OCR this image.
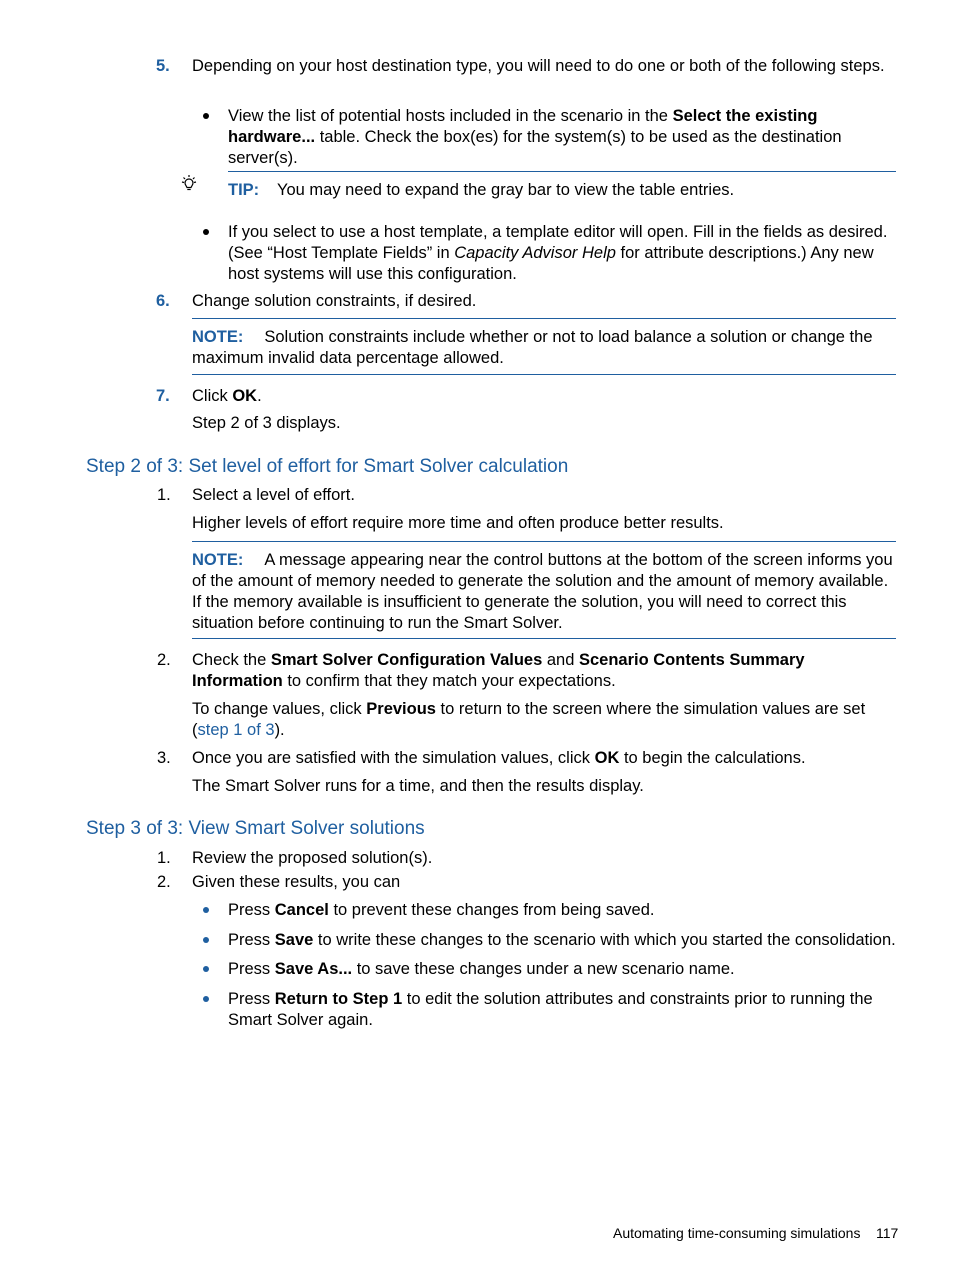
5. Depending on your host destination type, you will need to do one or both of the following steps.
View the list of potential hosts included in the scenario in the Select the existing hardware... table. Check the box(es) for the system(s) to be used as the destination server(s).
TIP: You may need to expand the gray bar to view the table entries.
If you select to use a host template, a template editor will open. Fill in the fields as desired. (See “Host Template Fields” in Capacity Advisor Help for attribute descriptions.) Any new host systems will use this configuration.
6. Change solution constraints, if desired.
NOTE: Solution constraints include whether or not to load balance a solution or change the maximum invalid data percentage allowed.
7. Click OK.
Step 2 of 3 displays.
Step 2 of 3: Set level of effort for Smart Solver calculation
1. Select a level of effort.
Higher levels of effort require more time and often produce better results.
NOTE: A message appearing near the control buttons at the bottom of the screen informs you of the amount of memory needed to generate the solution and the amount of memory available. If the memory available is insufficient to generate the solution, you will need to correct this situation before continuing to run the Smart Solver.
2. Check the Smart Solver Configuration Values and Scenario Contents Summary Information to confirm that they match your expectations.
To change values, click Previous to return to the screen where the simulation values are set (step 1 of 3).
3. Once you are satisfied with the simulation values, click OK to begin the calculations.
The Smart Solver runs for a time, and then the results display.
Step 3 of 3: View Smart Solver solutions
1. Review the proposed solution(s).
2. Given these results, you can
Press Cancel to prevent these changes from being saved.
Press Save to write these changes to the scenario with which you started the consolidation.
Press Save As... to save these changes under a new scenario name.
Press Return to Step 1 to edit the solution attributes and constraints prior to running the Smart Solver again.
Automating time-consuming simulations 117
